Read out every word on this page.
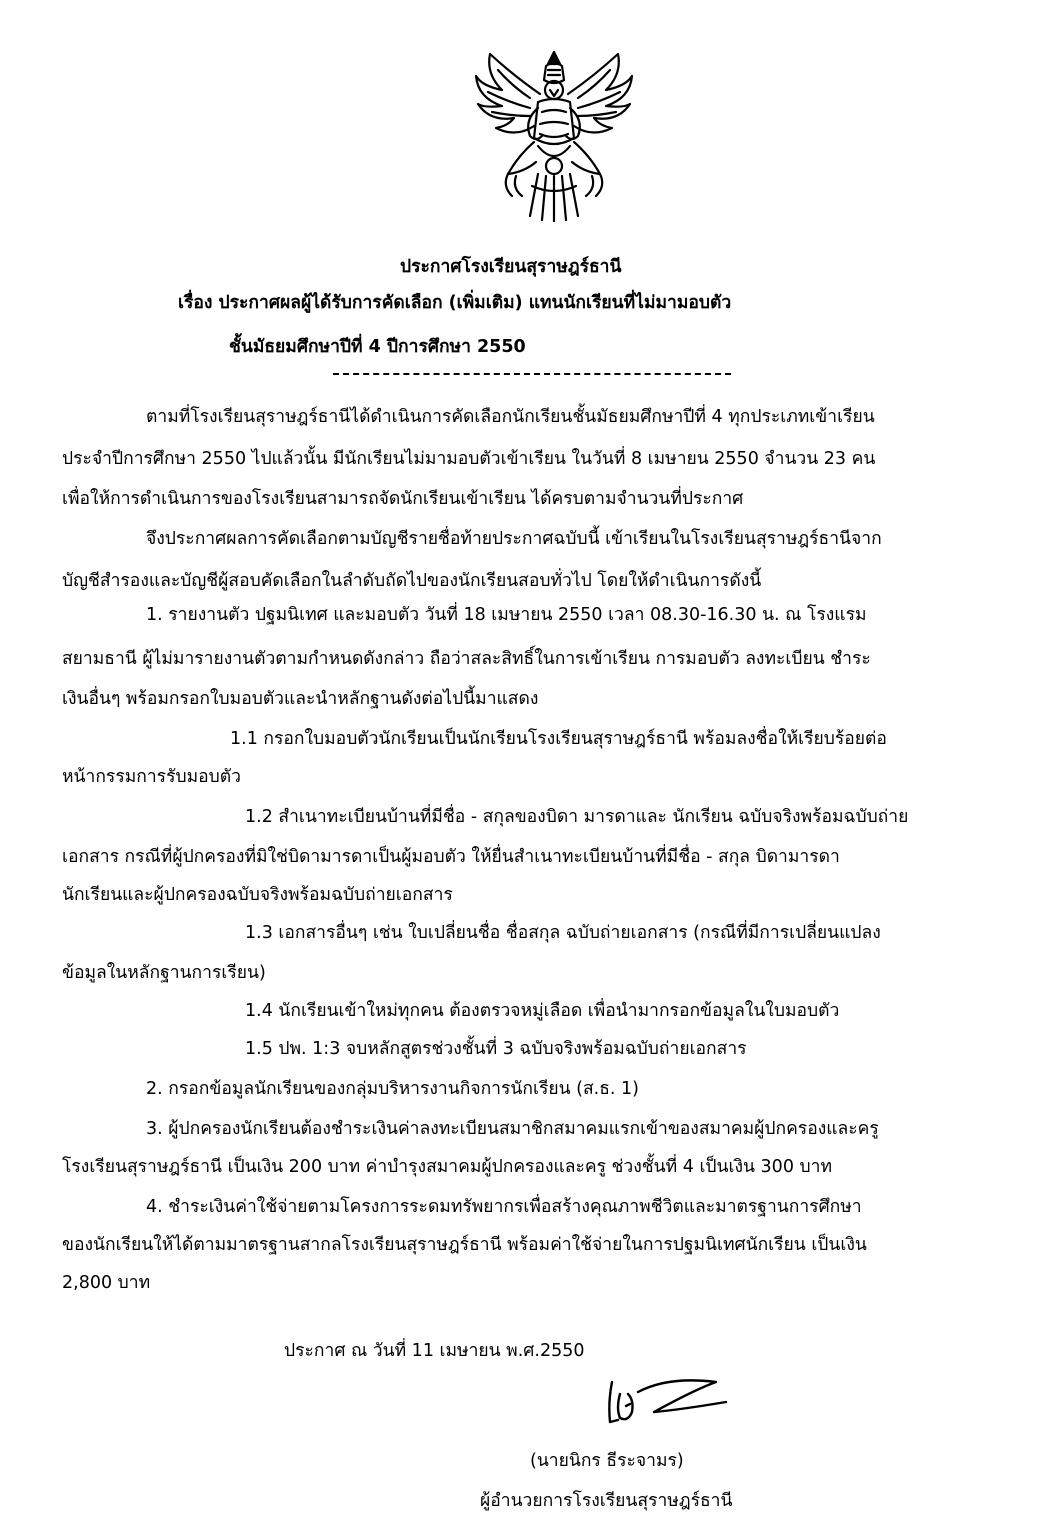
ประกาศโรงเรียนสุราษฎร์ธานี
เรื่อง ประกาศผลผู้ได้รับการคัดเลือก (เพิ่มเติม) แทนนักเรียนที่ไม่มามอบตัว
ชั้นมัธยมศึกษาปีที่ 4 ปีการศึกษา 2550
ตามที่โรงเรียนสุราษฎร์ธานีได้ดำเนินการคัดเลือกนักเรียนชั้นมัธยมศึกษาปีที่ 4 ทุกประเภทเข้าเรียน
ประจำปีการศึกษา 2550 ไปแล้วนั้น มีนักเรียนไม่มามอบตัวเข้าเรียน ในวันที่ 8 เมษายน 2550 จำนวน 23 คน
เพื่อให้การดำเนินการของโรงเรียนสามารถจัดนักเรียนเข้าเรียน ได้ครบตามจำนวนที่ประกาศ
จึงประกาศผลการคัดเลือกตามบัญชีรายชื่อท้ายประกาศฉบับนี้ เข้าเรียนในโรงเรียนสุราษฎร์ธานีจาก
บัญชีสำรองและบัญชีผู้สอบคัดเลือกในลำดับถัดไปของนักเรียนสอบทั่วไป โดยให้ดำเนินการดังนี้
1. รายงานตัว ปฐมนิเทศ และมอบตัว วันที่ 18 เมษายน 2550 เวลา 08.30-16.30 น. ณ โรงแรม
สยามธานี ผู้ไม่มารายงานตัวตามกำหนดดังกล่าว ถือว่าสละสิทธิ์ในการเข้าเรียน การมอบตัว ลงทะเบียน ชำระ
เงินอื่นๆ พร้อมกรอกใบมอบตัวและนำหลักฐานดังต่อไปนี้มาแสดง
1.1 กรอกใบมอบตัวนักเรียนเป็นนักเรียนโรงเรียนสุราษฎร์ธานี พร้อมลงชื่อให้เรียบร้อยต่อ
หน้ากรรมการรับมอบตัว
1.2 สำเนาทะเบียนบ้านที่มีชื่อ - สกุลของบิดา มารดาและ นักเรียน ฉบับจริงพร้อมฉบับถ่าย
เอกสาร กรณีที่ผู้ปกครองที่มิใช่บิดามารดาเป็นผู้มอบตัว ให้ยื่นสำเนาทะเบียนบ้านที่มีชื่อ - สกุล บิดามารดา
นักเรียนและผู้ปกครองฉบับจริงพร้อมฉบับถ่ายเอกสาร
1.3 เอกสารอื่นๆ เช่น ใบเปลี่ยนชื่อ ชื่อสกุล ฉบับถ่ายเอกสาร (กรณีที่มีการเปลี่ยนแปลง
ข้อมูลในหลักฐานการเรียน)
1.4 นักเรียนเข้าใหม่ทุกคน ต้องตรวจหมู่เลือด เพื่อนำมากรอกข้อมูลในใบมอบตัว
1.5 ปพ. 1:3 จบหลักสูตรช่วงชั้นที่ 3 ฉบับจริงพร้อมฉบับถ่ายเอกสาร
2. กรอกข้อมูลนักเรียนของกลุ่มบริหารงานกิจการนักเรียน (ส.ธ. 1)
3. ผู้ปกครองนักเรียนต้องชำระเงินค่าลงทะเบียนสมาชิกสมาคมแรกเข้าของสมาคมผู้ปกครองและครู
โรงเรียนสุราษฎร์ธานี เป็นเงิน 200 บาท ค่าบำรุงสมาคมผู้ปกครองและครู ช่วงชั้นที่ 4 เป็นเงิน 300 บาท
4. ชำระเงินค่าใช้จ่ายตามโครงการระดมทรัพยากรเพื่อสร้างคุณภาพชีวิตและมาตรฐานการศึกษา
ของนักเรียนให้ได้ตามมาตรฐานสากลโรงเรียนสุราษฎร์ธานี พร้อมค่าใช้จ่ายในการปฐมนิเทศนักเรียน เป็นเงิน
2,800 บาท
ประกาศ ณ วันที่ 11 เมษายน พ.ศ.2550
(นายนิกร ธีระจามร)
ผู้อำนวยการโรงเรียนสุราษฎร์ธานี
